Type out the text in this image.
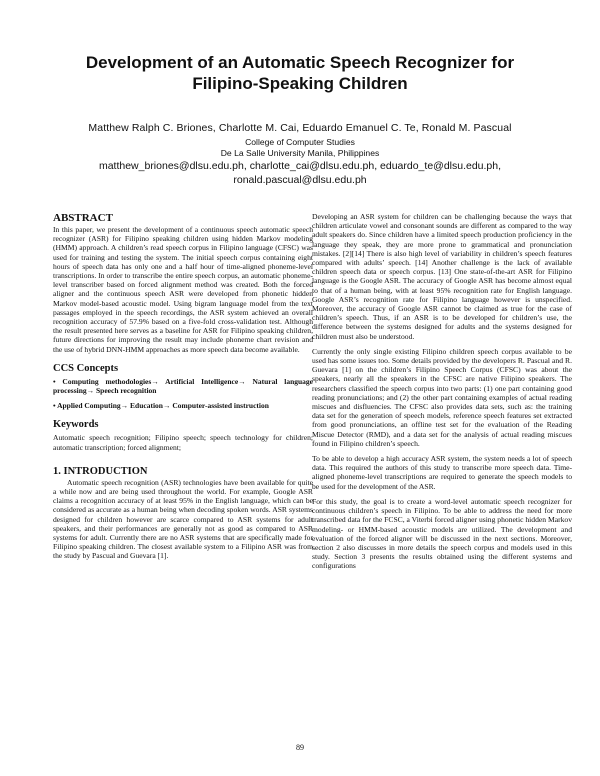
Development of an Automatic Speech Recognizer for
Filipino-Speaking Children

Matthew Ralph C. Briones, Charlotte M. Cai, Eduardo Emanuel C. Te, Ronald M. Pascual

College of Computer Studies

De La Salle University Manila, Philippines

matthew_briones@dlsu.edu.ph, charlotte_cai@dlsu.edu.ph, eduardo_te@dlsu.edu.ph,

ronald.pascual@dlsu.edu.ph

ABSTRACT

In this paper, we present the development of a continuous speech automatic speech recognizer (ASR) for Filipino speaking children using hidden Markov modeling (HMM) approach. A children’s read speech corpus in Filipino language (CFSC) was used for training and testing the system. The initial speech corpus containing eight hours of speech data has only one and a half hour of time-aligned phoneme-level transcriptions. In order to transcribe the entire speech corpus, an automatic phoneme-level transcriber based on forced alignment method was created. Both the forced aligner and the continuous speech ASR were developed from phonetic hidden Markov model-based acoustic model. Using bigram language model from the text passages employed in the speech recordings, the ASR system achieved an overall recognition accuracy of 57.9% based on a five-fold cross-validation test. Although the result presented here serves as a baseline for ASR for Filipino speaking children, future directions for improving the result may include phoneme chart revision and the use of hybrid DNN-HMM approaches as more speech data become available.

CCS Concepts

• Computing methodologies→ Artificial Intelligence→ Natural language processing→ Speech recognition

• Applied Computing→ Education→ Computer-assisted instruction

Keywords

Automatic speech recognition; Filipino speech; speech technology for children; automatic transcription; forced alignment;

1. INTRODUCTION

Automatic speech recognition (ASR) technologies have been available for quite a while now and are being used throughout the world. For example, Google ASR claims a recognition accuracy of at least 95% in the English language, which can be considered as accurate as a human being when decoding spoken words. ASR systems designed for children however are scarce compared to ASR systems for adult speakers, and their performances are generally not as good as compared to ASR systems for adult. Currently there are no ASR systems that are specifically made for Filipino speaking children. The closest available system to a Filipino ASR was from the study by Pascual and Guevara [1].

Developing an ASR system for children can be challenging because the ways that children articulate vowel and consonant sounds are different as compared to the way adult speakers do. Since children have a limited speech production proficiency in the language they speak, they are more prone to grammatical and pronunciation mistakes. [2][14] There is also high level of variability in children’s speech features compared with adults’ speech. [14] Another challenge is the lack of available children speech data or speech corpus. [13] One state-of-the-art ASR for Filipino language is the Google ASR. The accuracy of Google ASR has become almost equal to that of a human being, with at least 95% recognition rate for English language. Google ASR’s recognition rate for Filipino language however is unspecified. Moreover, the accuracy of Google ASR cannot be claimed as true for the case of children’s speech. Thus, if an ASR is to be developed for children’s use, the difference between the systems designed for adults and the systems designed for children must also be understood.

Currently the only single existing Filipino children speech corpus available to be used has some issues too. Some details provided by the developers R. Pascual and R. Guevara [1] on the children’s Filipino Speech Corpus (CFSC) was about the speakers, nearly all the speakers in the CFSC are native Filipino speakers. The researchers classified the speech corpus into two parts: (1) one part containing good reading pronunciations; and (2) the other part containing examples of actual reading miscues and disfluencies. The CFSC also provides data sets, such as: the training data set for the generation of speech models, reference speech features set extracted from good pronunciations, an offline test set for the evaluation of the Reading Miscue Detector (RMD), and a data set for the analysis of actual reading miscues found in Filipino children’s speech.

To be able to develop a high accuracy ASR system, the system needs a lot of speech data. This required the authors of this study to transcribe more speech data. Time-aligned phoneme-level transcriptions are required to generate the speech models to be used for the development of the ASR.

For this study, the goal is to create a word-level automatic speech recognizer for continuous children’s speech in Filipino. To be able to address the need for more transcribed data for the FCSC, a Viterbi forced aligner using phonetic hidden Markov modeling- or HMM-based acoustic models are utilized. The development and evaluation of the forced aligner will be discussed in the next sections. Moreover, section 2 also discusses in more details the speech corpus and models used in this study. Section 3 presents the results obtained using the different systems and configurations

89
